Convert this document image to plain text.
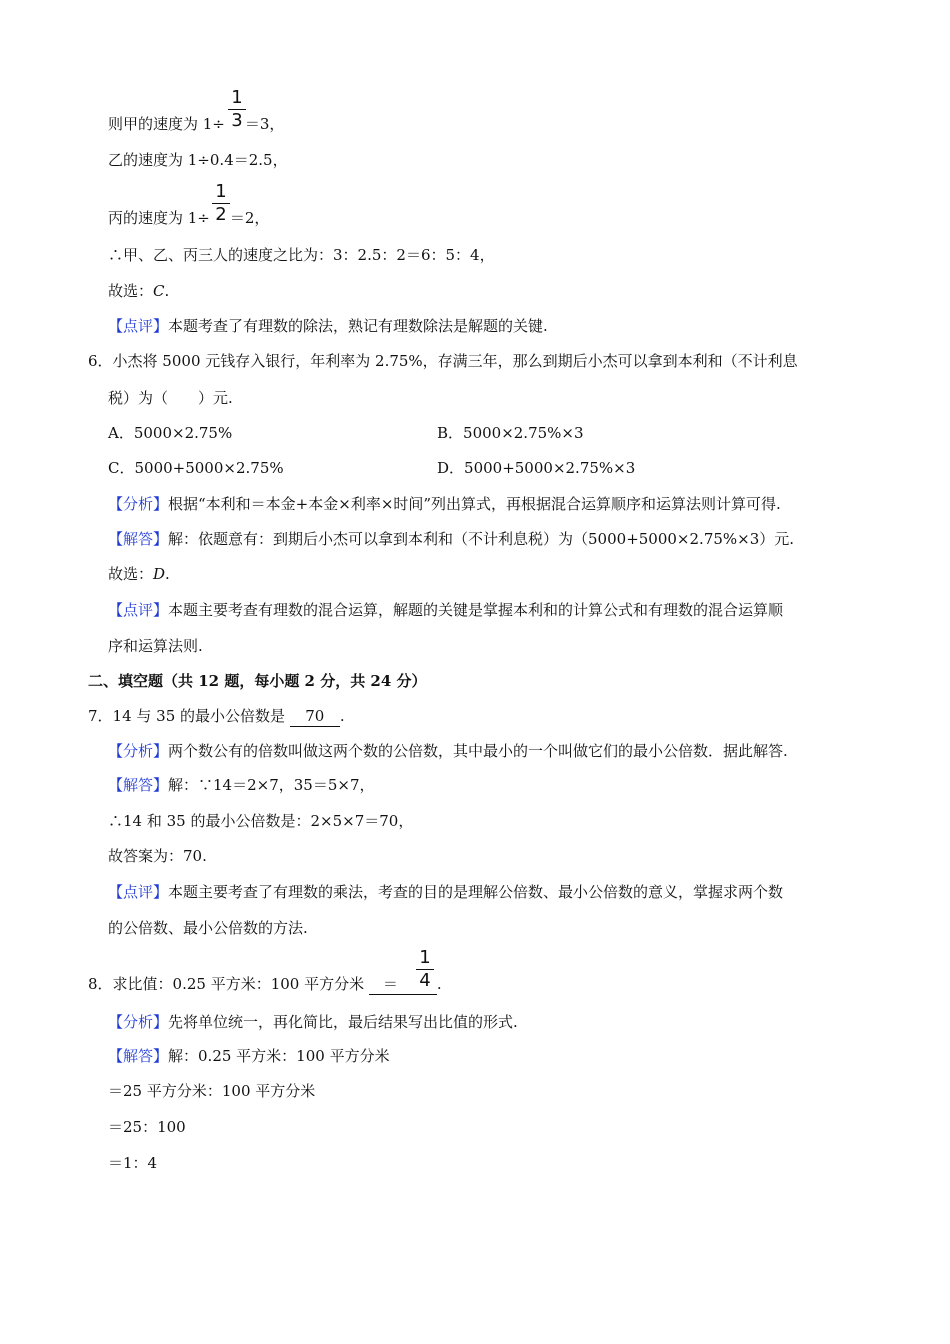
则甲的速度为 1÷ ＝3，
1
3
乙的速度为 1÷0.4＝2.5，
丙的速度为 1÷ ＝2，
1
2
∴甲、乙、丙三人的速度之比为：3：2.5：2＝6：5：4，
故选：C.
【点评】本题考查了有理数的除法，熟记有理数除法是解题的关键.
6．小杰将 5000 元钱存入银行，年利率为 2.75%，存满三年，那么到期后小杰可以拿到本利和（不计利息
税）为（　　）元.
A．5000×2.75%	B．5000×2.75%×3
C．5000+5000×2.75%	D．5000+5000×2.75%×3
【分析】根据“本利和＝本金+本金×利率×时间”列出算式，再根据混合运算顺序和运算法则计算可得.
【解答】解：依题意有：到期后小杰可以拿到本利和（不计利息税）为（5000+5000×2.75%×3）元.
故选：D.
【点评】本题主要考查有理数的混合运算，解题的关键是掌握本利和的计算公式和有理数的混合运算顺
序和运算法则.
二、填空题（共 12 题，每小题 2 分，共 24 分）
7．14 与 35 的最小公倍数是 70 .
【分析】两个数公有的倍数叫做这两个数的公倍数，其中最小的一个叫做它们的最小公倍数．据此解答.
【解答】解：∵14＝2×7，35＝5×7，
∴14 和 35 的最小公倍数是：2×5×7＝70，
故答案为：70.
【点评】本题主要考查了有理数的乘法，考查的目的是理解公倍数、最小公倍数的意义，掌握求两个数
的公倍数、最小公倍数的方法.
8．求比值：0.25 平方米：100 平方分米 ＝	.
1
4
【分析】先将单位统一，再化简比，最后结果写出比值的形式.
【解答】解：0.25 平方米：100 平方分米
＝25 平方分米：100 平方分米
＝25：100
＝1：4
